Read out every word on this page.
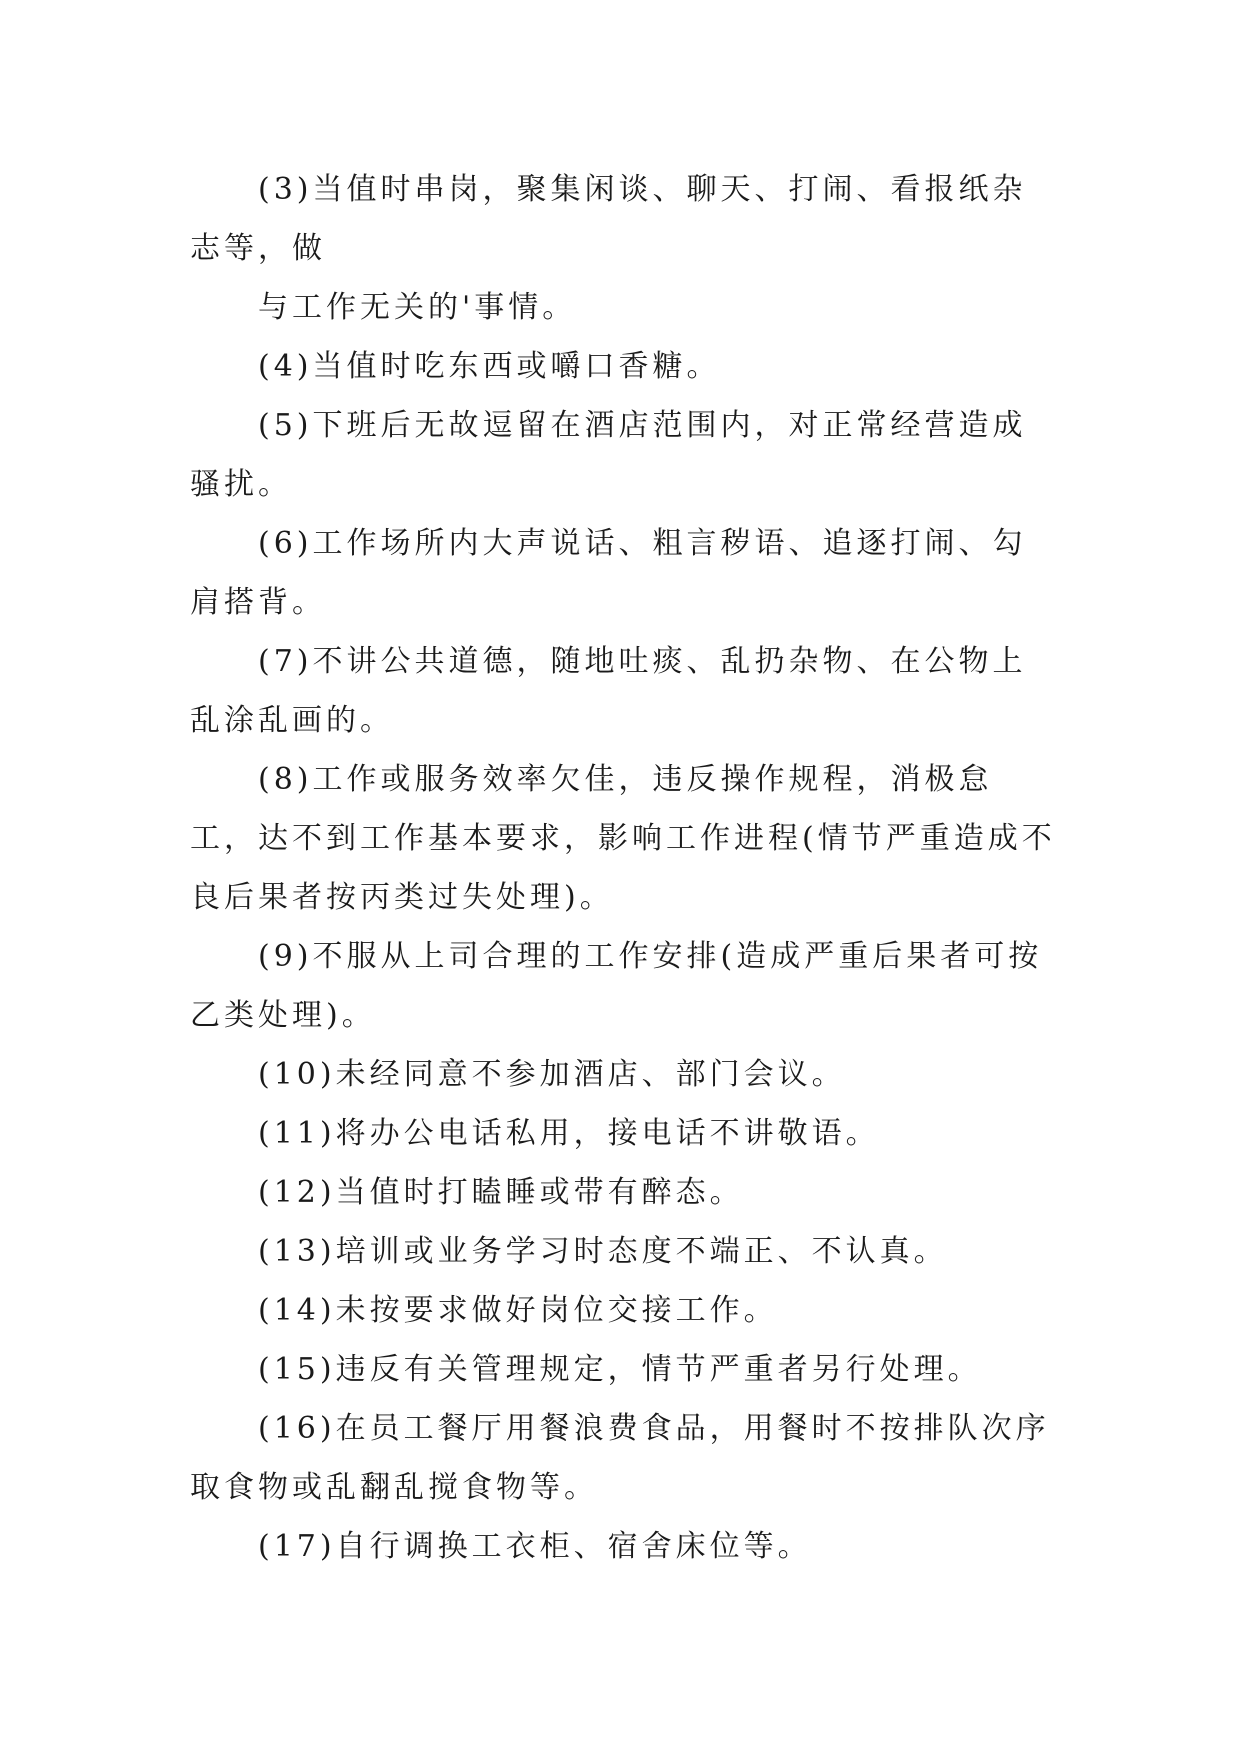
(3)当值时串岗，聚集闲谈、聊天、打闹、看报纸杂志等，做

与工作无关的'事情。

(4)当值时吃东西或嚼口香糖。

(5)下班后无故逗留在酒店范围内，对正常经营造成骚扰。

(6)工作场所内大声说话、粗言秽语、追逐打闹、勾肩搭背。

(7)不讲公共道德，随地吐痰、乱扔杂物、在公物上乱涂乱画的。

(8)工作或服务效率欠佳，违反操作规程，消极怠工，达不到工作基本要求，影响工作进程(情节严重造成不良后果者按丙类过失处理)。

(9)不服从上司合理的工作安排(造成严重后果者可按乙类处理)。

(10)未经同意不参加酒店、部门会议。

(11)将办公电话私用，接电话不讲敬语。

(12)当值时打瞌睡或带有醉态。

(13)培训或业务学习时态度不端正、不认真。

(14)未按要求做好岗位交接工作。

(15)违反有关管理规定，情节严重者另行处理。

(16)在员工餐厅用餐浪费食品，用餐时不按排队次序取食物或乱翻乱搅食物等。

(17)自行调换工衣柜、宿舍床位等。
